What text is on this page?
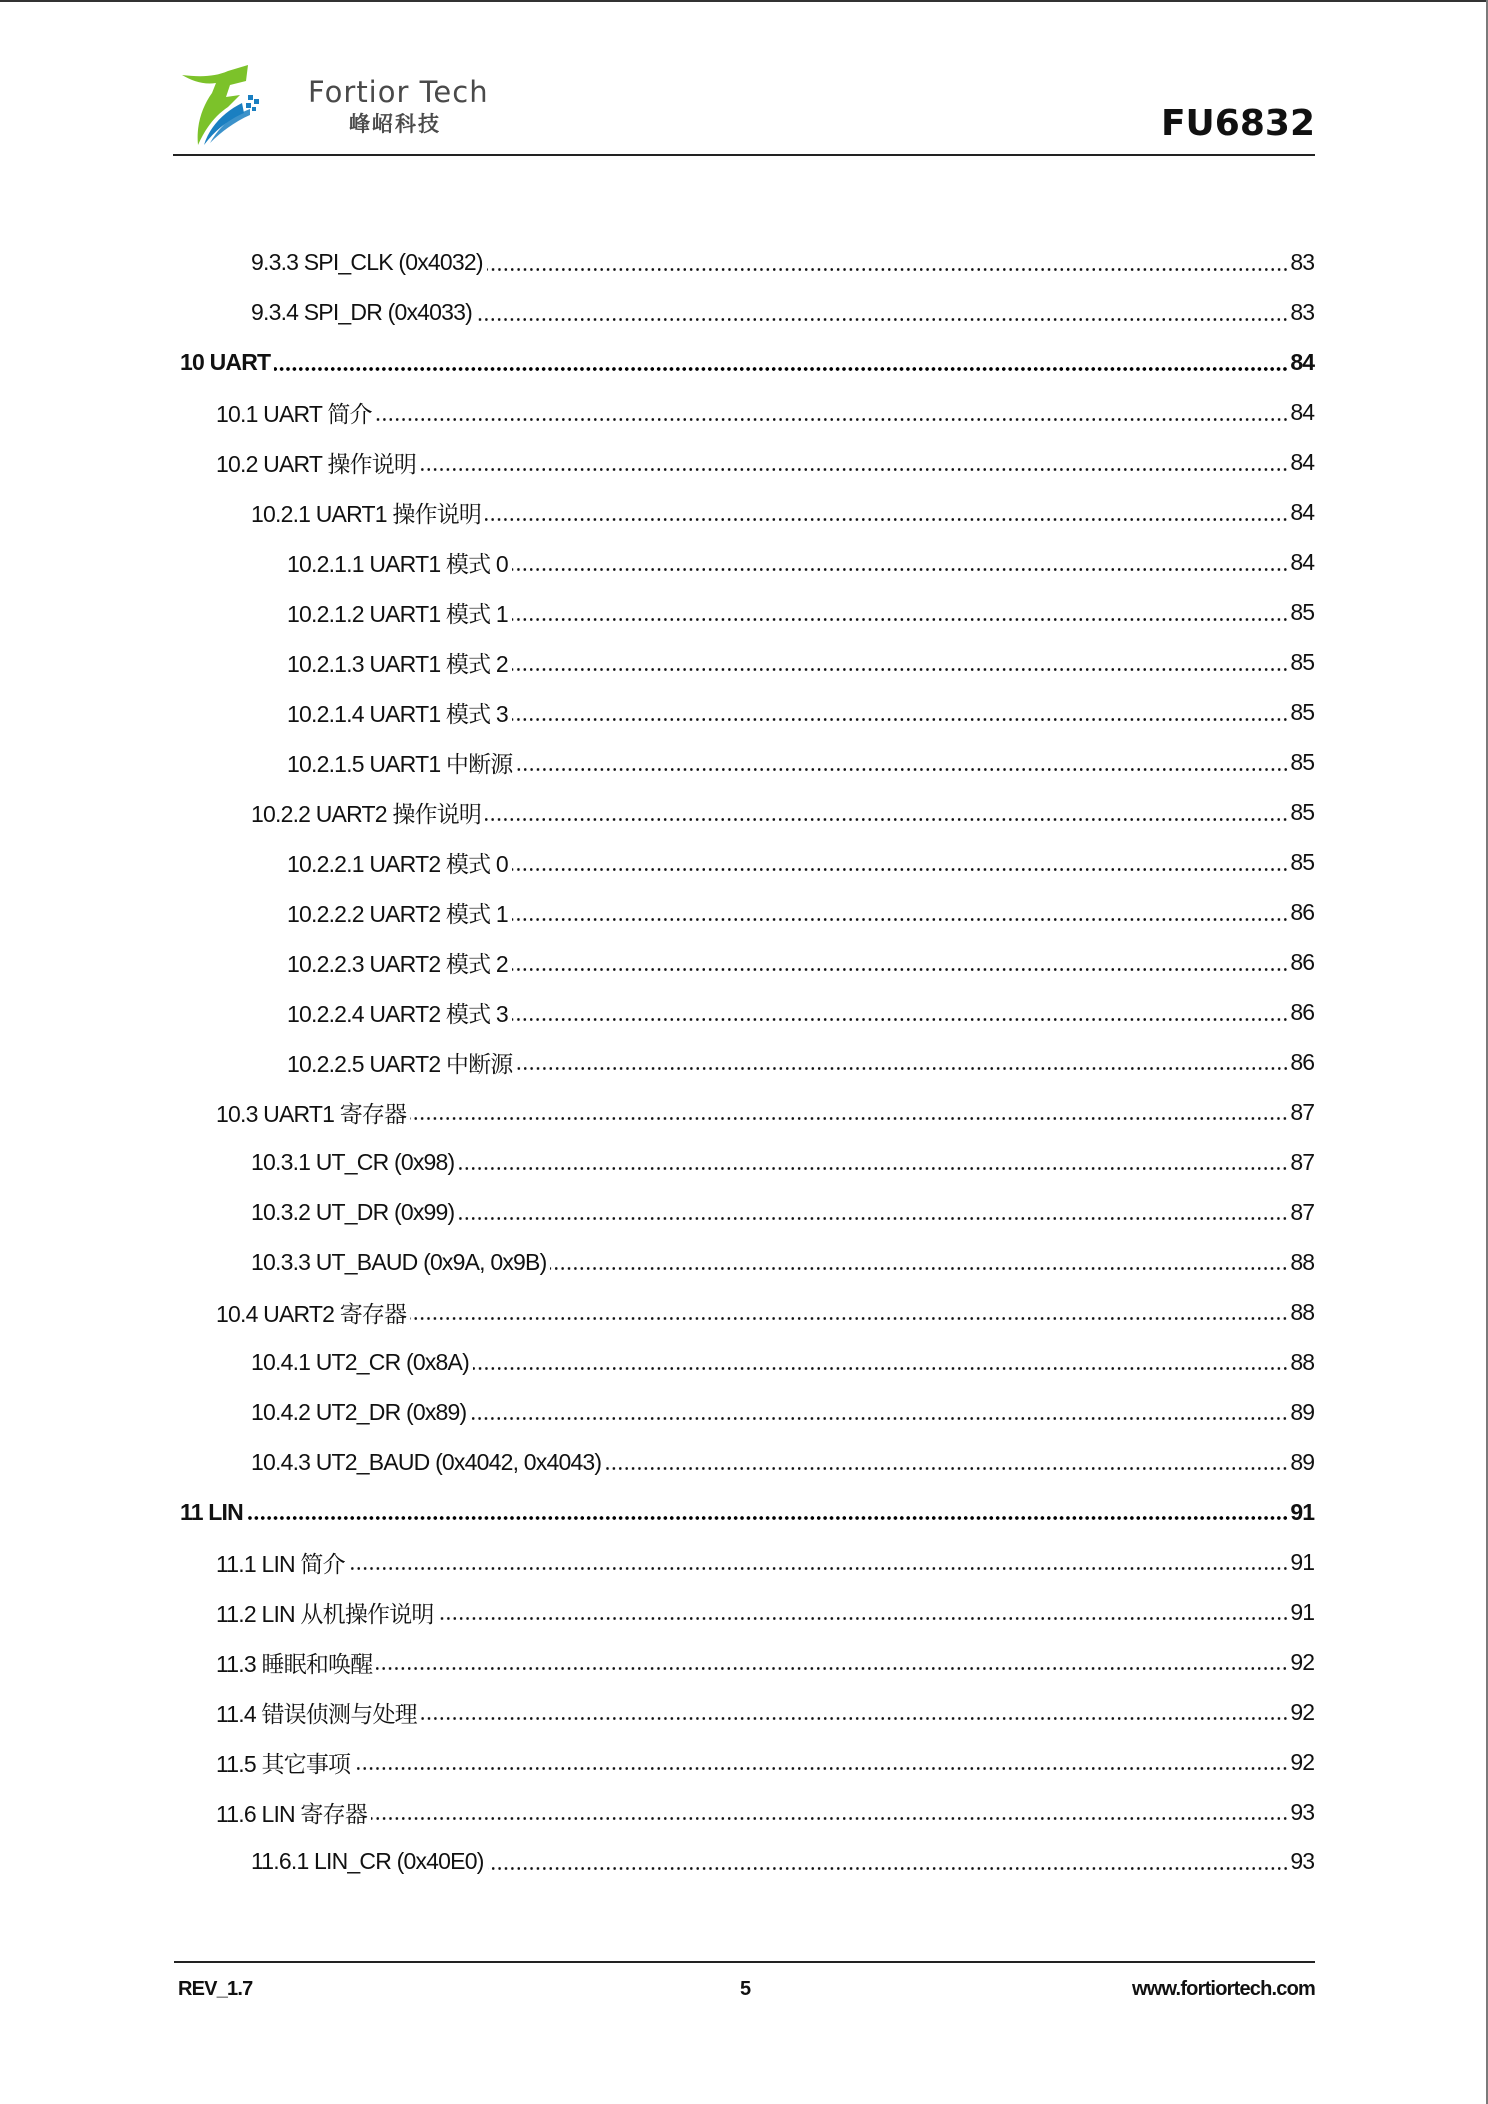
Fortior Tech
峰岹科技	FU6832
9.3.3 SPI_CLK (0x4032)	83
9.3.4 SPI_DR (0x4033)	83
10 UART	84
10.1 UART 简介	84
10.2 UART 操作说明	84
10.2.1 UART1 操作说明	84
10.2.1.1 UART1 模式 0	84
10.2.1.2 UART1 模式 1	85
10.2.1.3 UART1 模式 2	85
10.2.1.4 UART1 模式 3	85
10.2.1.5 UART1 中断源	85
10.2.2 UART2 操作说明	85
10.2.2.1 UART2 模式 0	85
10.2.2.2 UART2 模式 1	86
10.2.2.3 UART2 模式 2	86
10.2.2.4 UART2 模式 3	86
10.2.2.5 UART2 中断源	86
10.3 UART1 寄存器	87
10.3.1 UT_CR (0x98)	87
10.3.2 UT_DR (0x99)	87
10.3.3 UT_BAUD (0x9A, 0x9B)	88
10.4 UART2 寄存器	88
10.4.1 UT2_CR (0x8A)	88
10.4.2 UT2_DR (0x89)	89
10.4.3 UT2_BAUD (0x4042, 0x4043)	89
11 LIN	91
11.1 LIN 简介	91
11.2 LIN 从机操作说明	91
11.3 睡眠和唤醒	92
11.4 错误侦测与处理	92
11.5 其它事项	92
11.6 LIN 寄存器	93
11.6.1 LIN_CR (0x40E0)	93
REV_1.7	5	www.fortiortech.com
